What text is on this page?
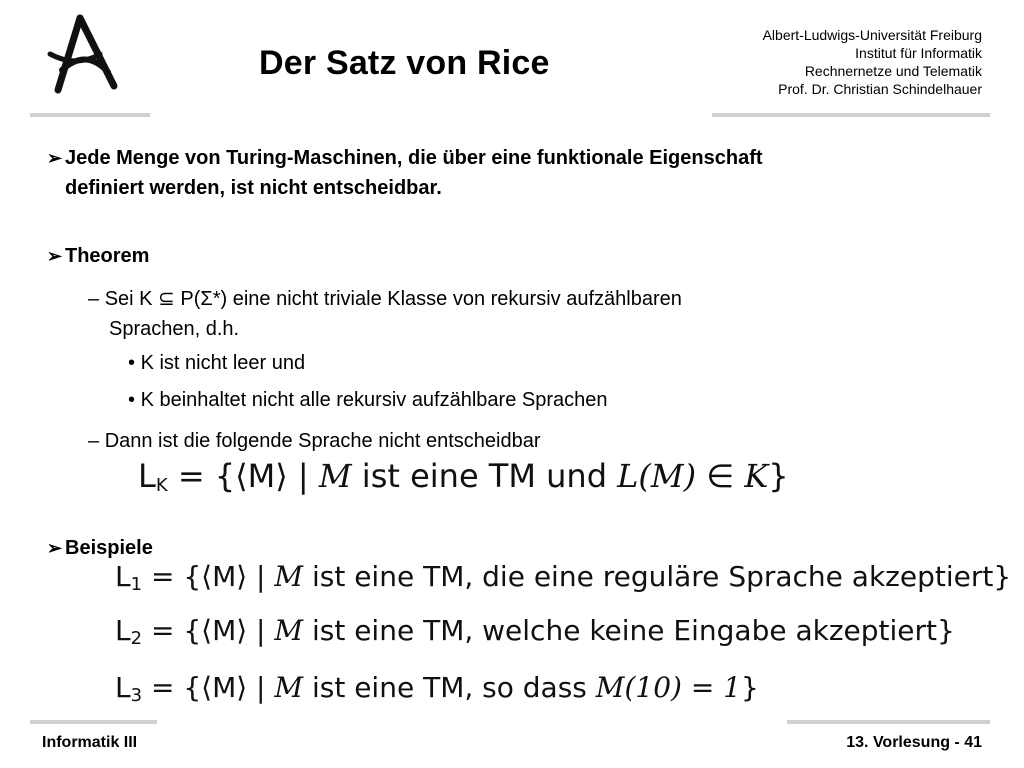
Der Satz von Rice
Albert-Ludwigs-Universität Freiburg
Institut für Informatik
Rechnernetze und Telematik
Prof. Dr. Christian Schindelhauer
➢ Jede Menge von Turing-Maschinen, die über eine funktionale Eigenschaft
definiert werden, ist nicht entscheidbar.
➢ Theorem
– Sei K ⊆ P(Σ*) eine nicht triviale Klasse von rekursiv aufzählbaren
Sprachen, d.h.
• K ist nicht leer und
• K beinhaltet nicht alle rekursiv aufzählbare Sprachen
– Dann ist die folgende Sprache nicht entscheidbar
LK = {⟨M⟩ | M ist eine TM und L(M) ∈ K}
➢ Beispiele
L1 = {⟨M⟩ | M ist eine TM, die eine reguläre Sprache akzeptiert}
L2 = {⟨M⟩ | M ist eine TM, welche keine Eingabe akzeptiert}
L3 = {⟨M⟩ | M ist eine TM, so dass M(10) = 1}
Informatik III	13. Vorlesung - 41
